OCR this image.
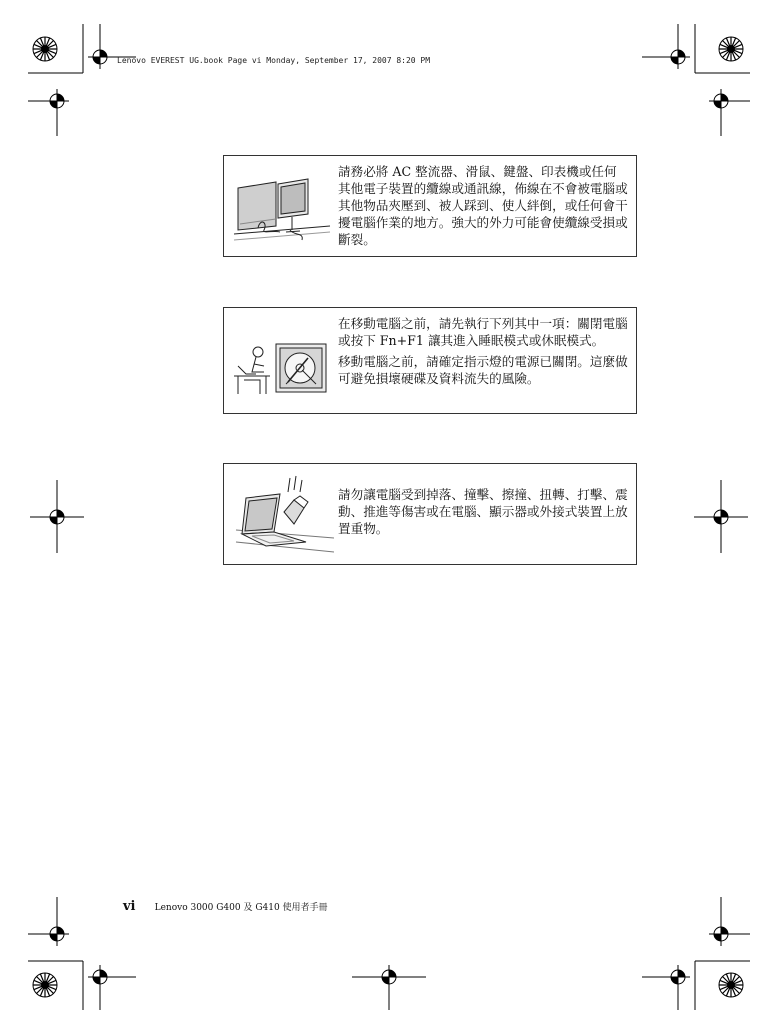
Lenovo EVEREST UG.book Page vi Monday, September 17, 2007 8:20 PM

請務必將 AC 整流器、滑鼠、鍵盤、印表機或任何其他電子裝置的纜線或通訊線，佈線在不會被電腦或其他物品夾壓到、被人踩到、使人絆倒，或任何會干擾電腦作業的地方。強大的外力可能會使纜線受損或斷裂。

在移動電腦之前，請先執行下列其中一項：關閉電腦或按下 Fn+F1 讓其進入睡眠模式或休眠模式。

移動電腦之前，請確定指示燈的電源已關閉。這麼做可避免損壞硬碟及資料流失的風險。

請勿讓電腦受到掉落、撞擊、擦撞、扭轉、打擊、震動、推進等傷害或在電腦、顯示器或外接式裝置上放置重物。

vi Lenovo 3000 G400 及 G410 使用者手冊
